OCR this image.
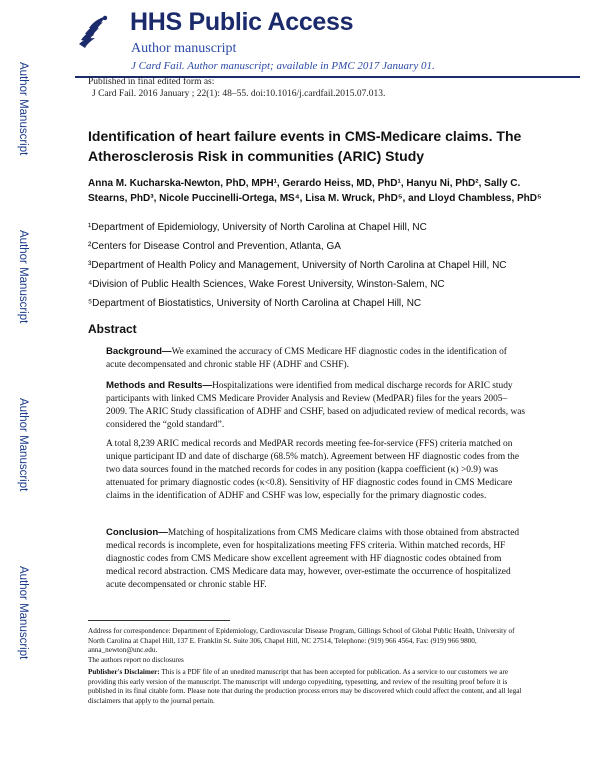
Author Manuscript
Author Manuscript
Author Manuscript
Author Manuscript
HHS Public Access
Author manuscript
J Card Fail. Author manuscript; available in PMC 2017 January 01.
Published in final edited form as:
J Card Fail. 2016 January ; 22(1): 48–55. doi:10.1016/j.cardfail.2015.07.013.
Identification of heart failure events in CMS-Medicare claims. The Atherosclerosis Risk in communities (ARIC) Study
Anna M. Kucharska-Newton, PhD, MPH¹, Gerardo Heiss, MD, PhD¹, Hanyu Ni, PhD², Sally C. Stearns, PhD³, Nicole Puccinelli-Ortega, MS⁴, Lisa M. Wruck, PhD⁵, and Lloyd Chambless, PhD⁵
¹Department of Epidemiology, University of North Carolina at Chapel Hill, NC
²Centers for Disease Control and Prevention, Atlanta, GA
³Department of Health Policy and Management, University of North Carolina at Chapel Hill, NC
⁴Division of Public Health Sciences, Wake Forest University, Winston-Salem, NC
⁵Department of Biostatistics, University of North Carolina at Chapel Hill, NC
Abstract
Background—We examined the accuracy of CMS Medicare HF diagnostic codes in the identification of acute decompensated and chronic stable HF (ADHF and CSHF).
Methods and Results—Hospitalizations were identified from medical discharge records for ARIC study participants with linked CMS Medicare Provider Analysis and Review (MedPAR) files for the years 2005–2009. The ARIC Study classification of ADHF and CSHF, based on adjudicated review of medical records, was considered the “gold standard”.
A total 8,239 ARIC medical records and MedPAR records meeting fee-for-service (FFS) criteria matched on unique participant ID and date of discharge (68.5% match). Agreement between HF diagnostic codes from the two data sources found in the matched records for codes in any position (kappa coefficient (κ) >0.9) was attenuated for primary diagnostic codes (κ<0.8). Sensitivity of HF diagnostic codes found in CMS Medicare claims in the identification of ADHF and CSHF was low, especially for the primary diagnostic codes.
Conclusion—Matching of hospitalizations from CMS Medicare claims with those obtained from abstracted medical records is incomplete, even for hospitalizations meeting FFS criteria. Within matched records, HF diagnostic codes from CMS Medicare show excellent agreement with HF diagnostic codes obtained from medical record abstraction. CMS Medicare data may, however, over-estimate the occurrence of hospitalized acute decompensated or chronic stable HF.
Address for correspondence: Department of Epidemiology, Cardiovascular Disease Program, Gillings School of Global Public Health, University of North Carolina at Chapel Hill, 137 E. Franklin St. Suite 306, Chapel Hill, NC 27514, Telephone: (919) 966 4564, Fax: (919) 966 9800, anna_newton@unc.edu.
The authors report no disclosures
Publisher's Disclaimer: This is a PDF file of an unedited manuscript that has been accepted for publication. As a service to our customers we are providing this early version of the manuscript. The manuscript will undergo copyediting, typesetting, and review of the resulting proof before it is published in its final citable form. Please note that during the production process errors may be discovered which could affect the content, and all legal disclaimers that apply to the journal pertain.
